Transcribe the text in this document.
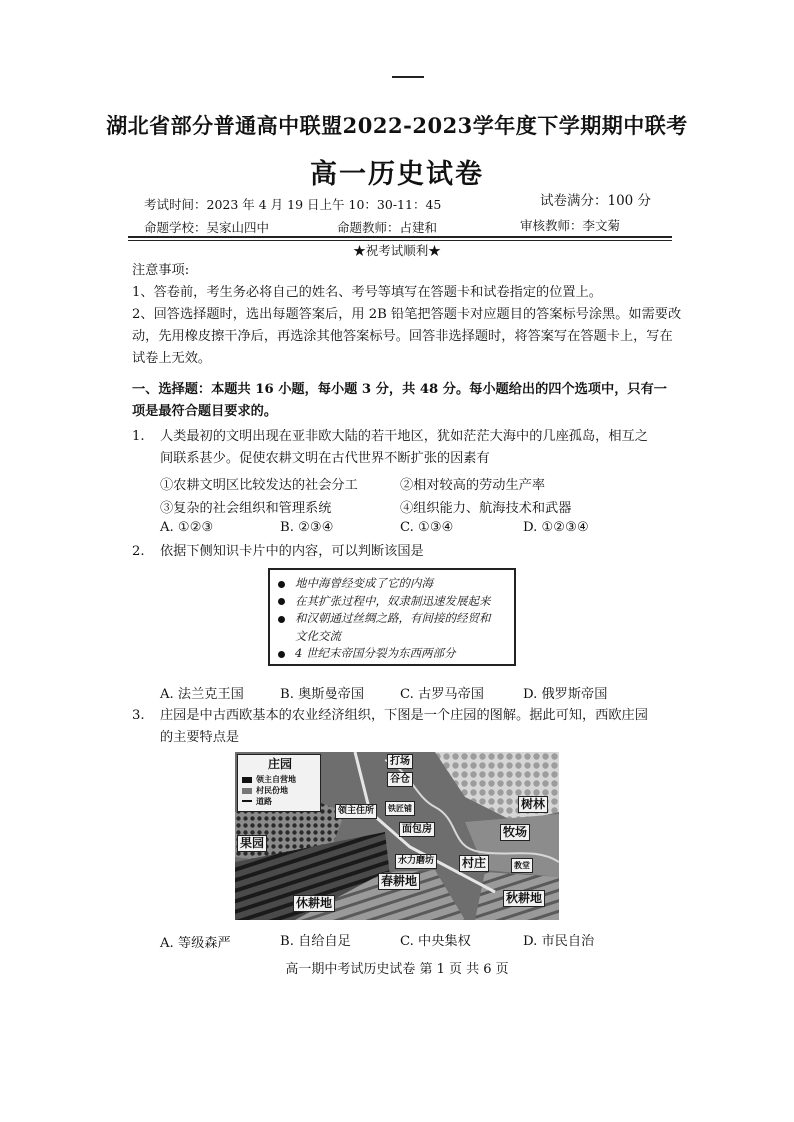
湖北省部分普通高中联盟2022-2023学年度下学期期中联考
高一历史试卷
考试时间：2023 年 4 月 19 日上午 10：30-11：45	试卷满分：100 分
命题学校：吴家山四中	命题教师：占建和	审核教师：李文菊
★祝考试顺利★
注意事项:
1、答卷前，考生务必将自己的姓名、考号等填写在答题卡和试卷指定的位置上。
2、回答选择题时，选出每题答案后，用 2B 铅笔把答题卡对应题目的答案标号涂黑。如需要改
动，先用橡皮擦干净后，再选涂其他答案标号。回答非选择题时，将答案写在答题卡上，写在
试卷上无效。
一、选择题：本题共 16 小题，每小题 3 分，共 48 分。每小题给出的四个选项中，只有一
项是最符合题目要求的。
1. 人类最初的文明出现在亚非欧大陆的若干地区，犹如茫茫大海中的几座孤岛，相互之
间联系甚少。促使农耕文明在古代世界不断扩张的因素有
①农耕文明区比较发达的社会分工	②相对较高的劳动生产率
③复杂的社会组织和管理系统	④组织能力、航海技术和武器
A. ①②③	B. ②③④	C. ①③④	D. ①②③④
2. 依据下侧知识卡片中的内容，可以判断该国是
地中海曾经变成了它的内海
在其扩张过程中，奴隶制迅速发展起来
和汉朝通过丝绸之路，有间接的经贸和
文化交流
4 世纪末帝国分裂为东西两部分
A. 法兰克王国	B. 奥斯曼帝国	C. 古罗马帝国	D. 俄罗斯帝国
3. 庄园是中古西欧基本的农业经济组织，下图是一个庄园的图解。据此可知，西欧庄园
的主要特点是
庄园
领主自营地
村民份地
道路
打场
谷仓
领主住所	铁匠铺
面包房
树林
牧场
果园
水力磨坊 村庄	教堂
春耕地
休耕地	秋耕地
A. 等级森严	B. 自给自足	C. 中央集权	D. 市民自治
高一期中考试历史试卷 第 1 页 共 6 页
